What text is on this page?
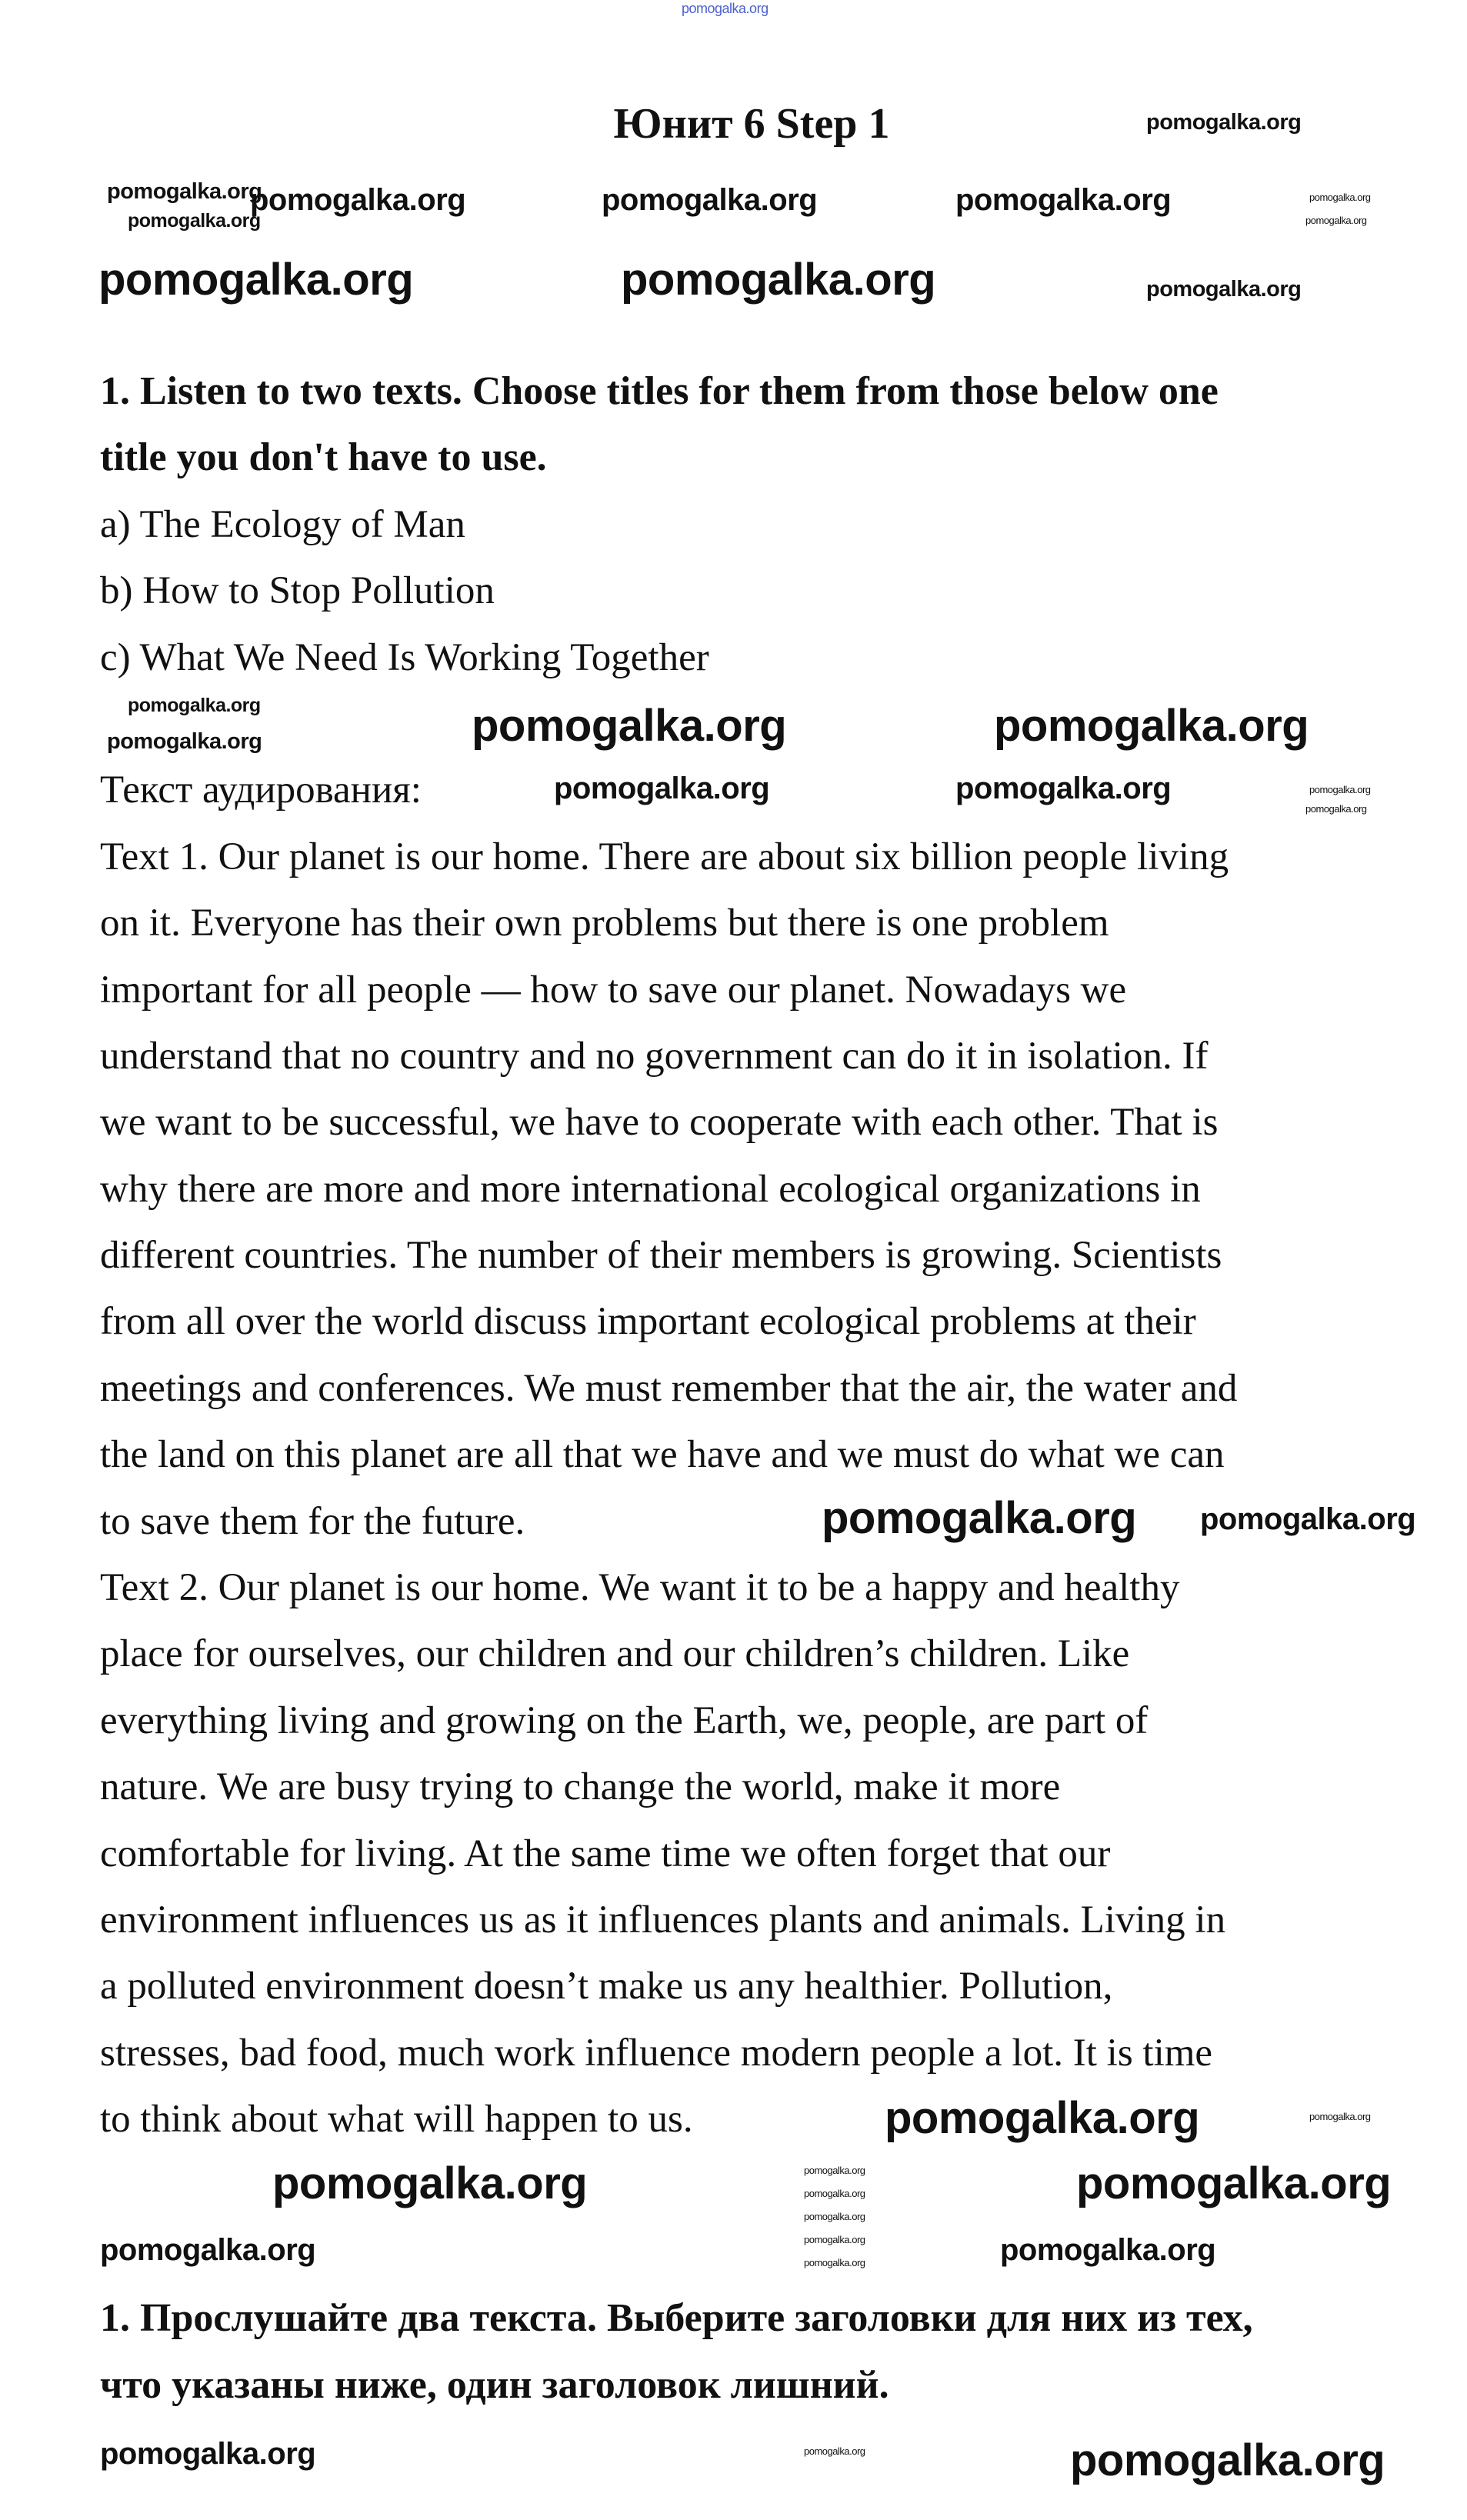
Юнит 6 Step 1
1. Listen to two texts. Choose titles for them from those below one
title you don't have to use.
a) The Ecology of Man
b) How to Stop Pollution
c) What We Need Is Working Together
Текст аудирования:
Text 1. Our planet is our home. There are about six billion people living
on it. Everyone has their own problems but there is one problem
important for all people — how to save our planet. Nowadays we
understand that no country and no government can do it in isolation. If
we want to be successful, we have to cooperate with each other. That is
why there are more and more international ecological organizations in
different countries. The number of their members is growing. Scientists
from all over the world discuss important ecological problems at their
meetings and conferences. We must remember that the air, the water and
the land on this planet are all that we have and we must do what we can
to save them for the future.
Text 2. Our planet is our home. We want it to be a happy and healthy
place for ourselves, our children and our children’s children. Like
everything living and growing on the Earth, we, people, are part of
nature. We are busy trying to change the world, make it more
comfortable for living. At the same time we often forget that our
environment influences us as it influences plants and animals. Living in
a polluted environment doesn’t make us any healthier. Pollution,
stresses, bad food, much work influence modern people a lot. It is time
to think about what will happen to us.
1. Прослушайте два текста. Выберите заголовки для них из тех,
что указаны ниже, один заголовок лишний.
pomogalka.org
pomogalka.org
pomogalka.org	pomogalka.org	pomogalka.org
pomogalka.org
pomogalka.org
pomogalka.org	pomogalka.org	pomogalka.org
pomogalka.org
pomogalka.org
pomogalka.org	pomogalka.org	pomogalka.org
pomogalka.org
pomogalka.org	pomogalka.org	pomogalka.org
pomogalka.org
pomogalka.org pomogalka.org
pomogalka.org	pomogalka.org
pomogalka.org	pomogalka.org
pomogalka.org
pomogalka.org
pomogalka.org
pomogalka.org
pomogalka.org
pomogalka.org	pomogalka.org
pomogalka.org
pomogalka.org	pomogalka.org
